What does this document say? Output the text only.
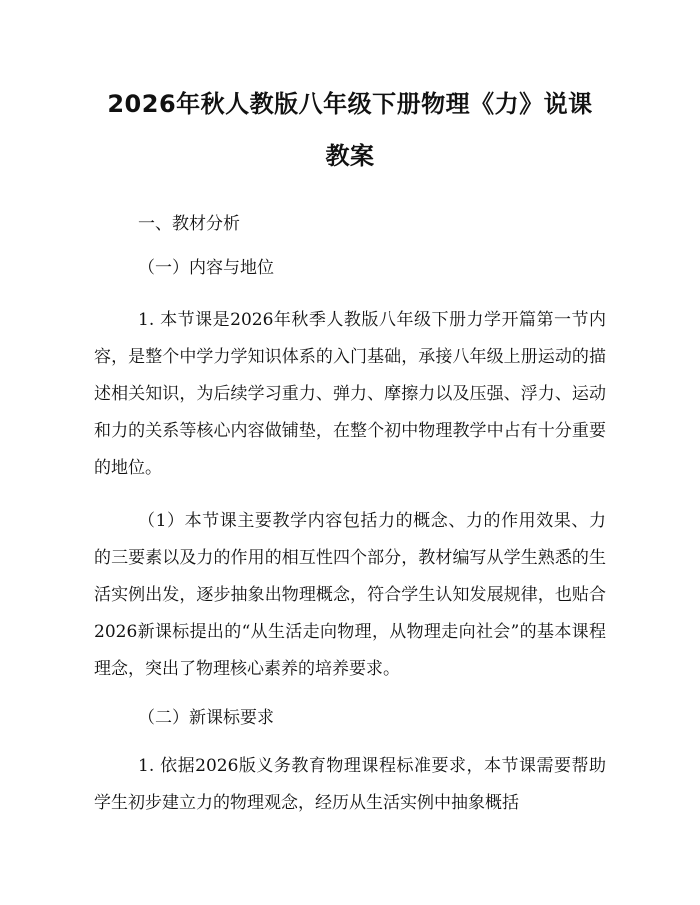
2026年秋人教版八年级下册物理《力》说课
教案

一、教材分析

（一）内容与地位

1. 本节课是2026年秋季人教版八年级下册力学开篇第一节内容，是整个中学力学知识体系的入门基础，承接八年级上册运动的描述相关知识，为后续学习重力、弹力、摩擦力以及压强、浮力、运动和力的关系等核心内容做铺垫，在整个初中物理教学中占有十分重要的地位。

（1）本节课主要教学内容包括力的概念、力的作用效果、力的三要素以及力的作用的相互性四个部分，教材编写从学生熟悉的生活实例出发，逐步抽象出物理概念，符合学生认知发展规律，也贴合2026新课标提出的“从生活走向物理，从物理走向社会”的基本课程理念，突出了物理核心素养的培养要求。

（二）新课标要求

1. 依据2026版义务教育物理课程标准要求，本节课需要帮助学生初步建立力的物理观念，经历从生活实例中抽象概括
